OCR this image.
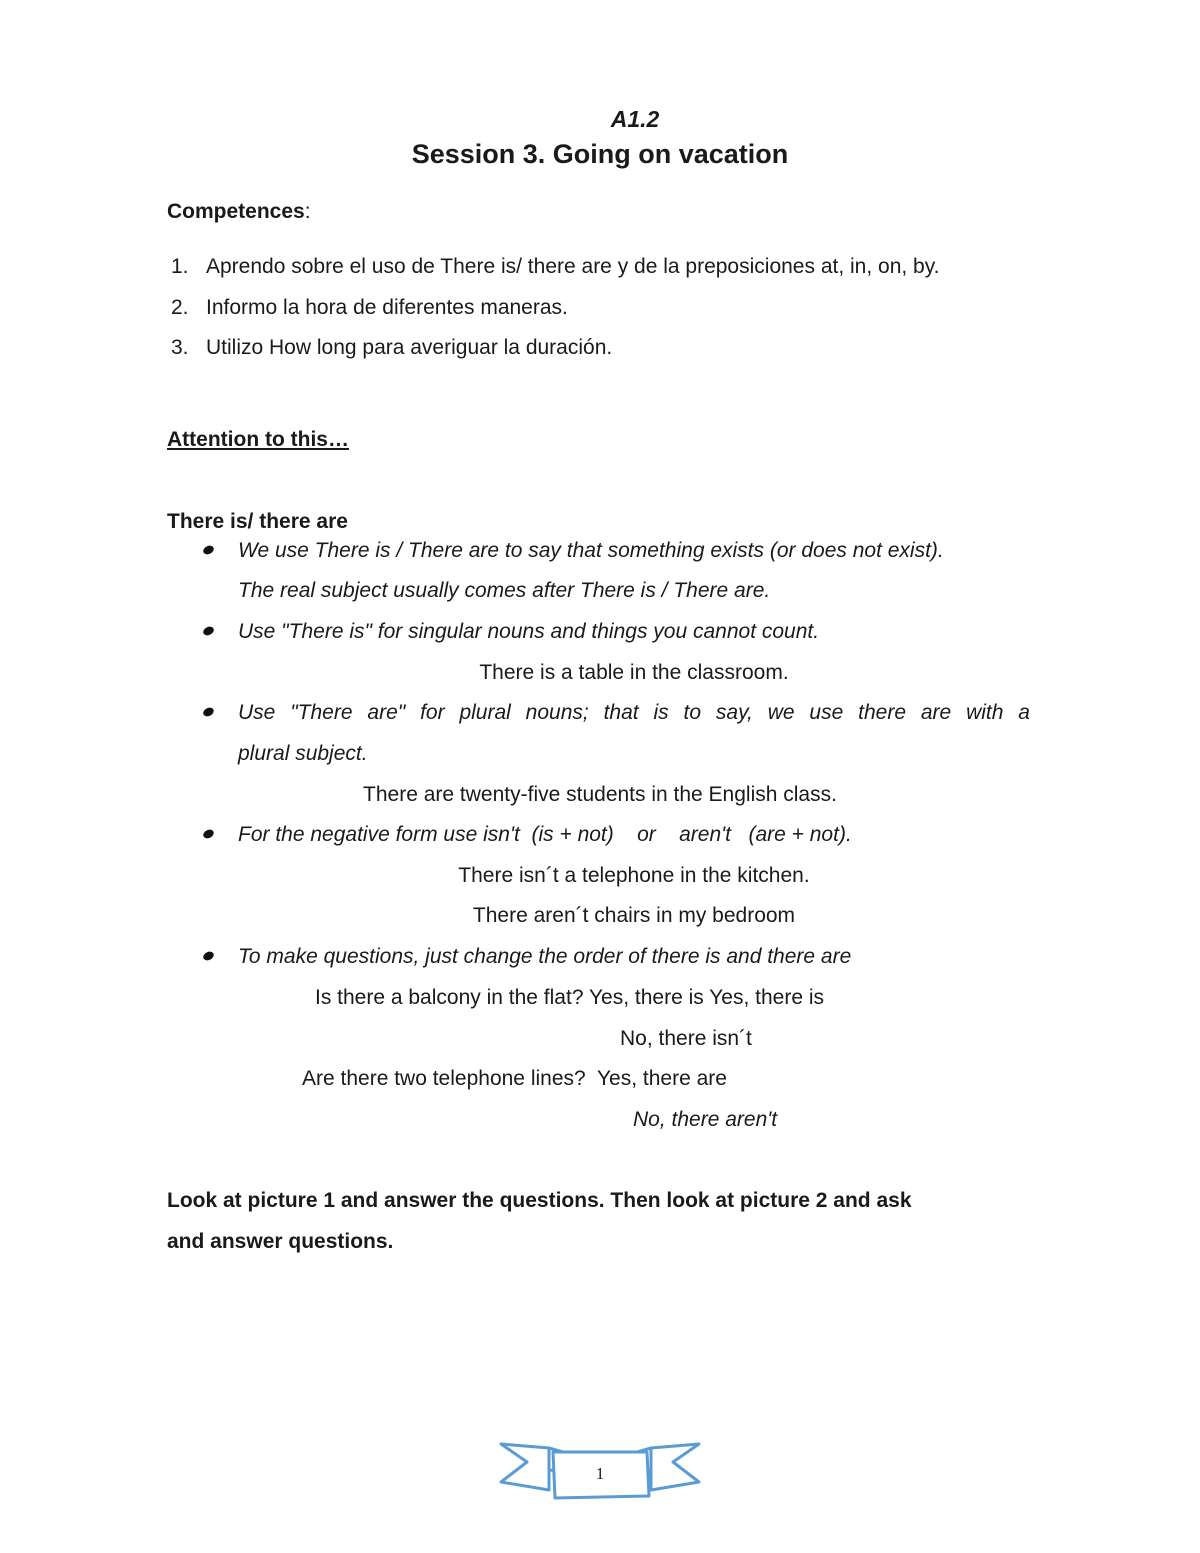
A1.2
Session 3. Going on vacation
Competences:
1. Aprendo sobre el uso de There is/ there are y de la preposiciones at, in, on, by.
2. Informo la hora de diferentes maneras.
3. Utilizo How long para averiguar la duración.
Attention to this…
There is/ there are
We use There is / There are to say that something exists (or does not exist).
The real subject usually comes after There is / There are.
Use "There is" for singular nouns and things you cannot count.
There is a table in the classroom.
Use "There are" for plural nouns; that is to say, we use there are with a
plural subject.
There are twenty-five students in the English class.
For the negative form use isn't  (is + not)    or    aren't   (are + not).
There isn´t a telephone in the kitchen.
There aren´t chairs in my bedroom
To make questions, just change the order of there is and there are
Is there a balcony in the flat? Yes, there is Yes, there is
No, there isn´t
Are there two telephone lines?  Yes, there are
No, there aren't
Look at picture 1 and answer the questions. Then look at picture 2 and ask
and answer questions.
1
